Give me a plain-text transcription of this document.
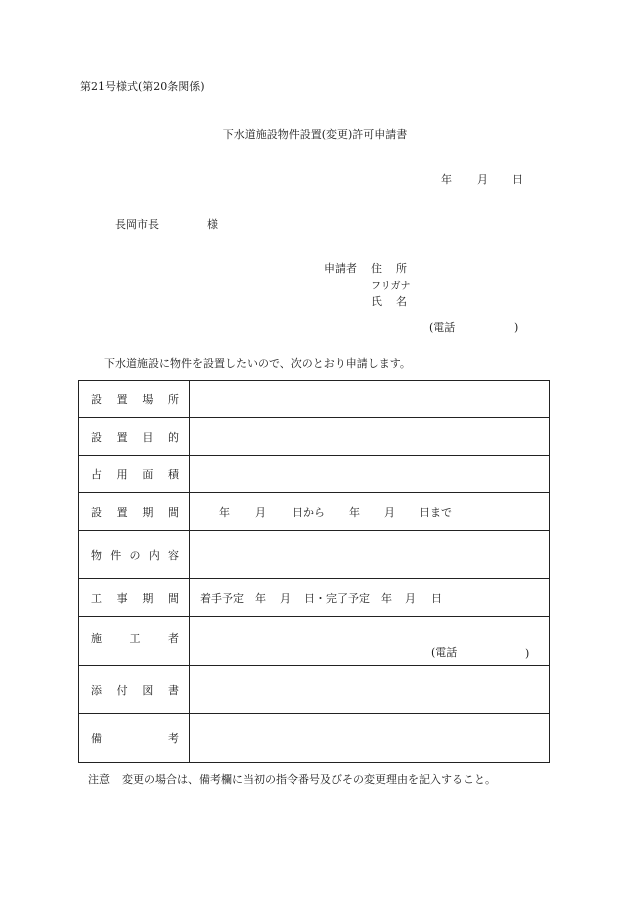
第21号様式(第20条関係)
下水道施設物件設置(変更)許可申請書
年 月 日
長岡市長	様
申請者 住所
フリガナ
氏名
(電話	)
下水道施設に物件を設置したいので、次のとおり申請します。
設 置 場 所
設 置 目 的
占 用 面 積
設 置 期 間	年 月 日から 年 月 日まで
物 件 の 内 容
工 事 期 間 着手予定 年 月 日・完了予定 年 月 日
施	工	者
(電話	)
添 付 図 書
備	考
注意 変更の場合は、備考欄に当初の指令番号及びその変更理由を記入すること。
